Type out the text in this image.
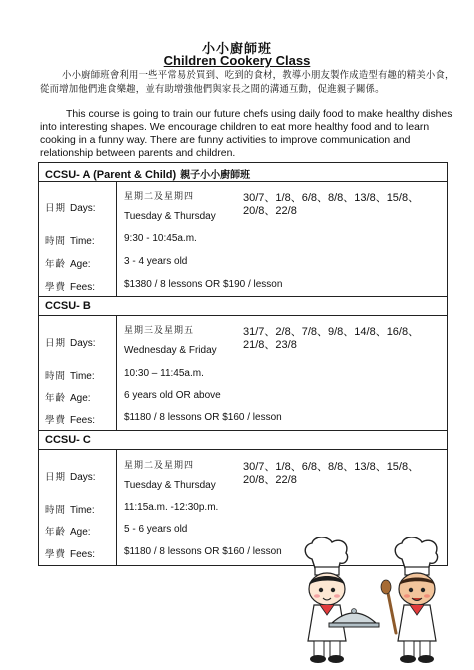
小小廚師班
Children Cookery Class
小小廚師班會利用一些平常易於買到、吃到的食材，教導小朋友製作成造型有趣的精美小食，從而增加他們進食樂趣，並有助增強他們與家長之間的溝通互動，促進親子關係。
This course is going to train our future chefs using daily food to make healthy dishes into interesting shapes. We encourage children to eat more healthy food and to learn cooking in a funny way. There are funny activities to improve communication and relationship between parents and children.
CCSU- A (Parent & Child) 親子小小廚師班
日期 Days:
星期二及星期四
Tuesday & Thursday
30/7、1/8、6/8、8/8、13/8、15/8、20/8、22/8
時間 Time:	9:30 - 10:45a.m.
年齡 Age:	3 - 4 years old
學費 Fees:	$1380 / 8 lessons OR $190 / lesson
CCSU- B
日期 Days:
星期三及星期五
Wednesday & Friday
31/7、2/8、7/8、9/8、14/8、16/8、21/8、23/8
時間 Time:	10:30 – 11:45a.m.
年齡 Age:	6 years old OR above
學費 Fees:	$1180 / 8 lessons OR $160 / lesson
CCSU- C
日期 Days:
星期二及星期四
Tuesday & Thursday
30/7、1/8、6/8、8/8、13/8、15/8、20/8、22/8
時間 Time:	11:15a.m. -12:30p.m.
年齡 Age:	5 - 6 years old
學費 Fees:	$1180 / 8 lessons OR $160 / lesson
